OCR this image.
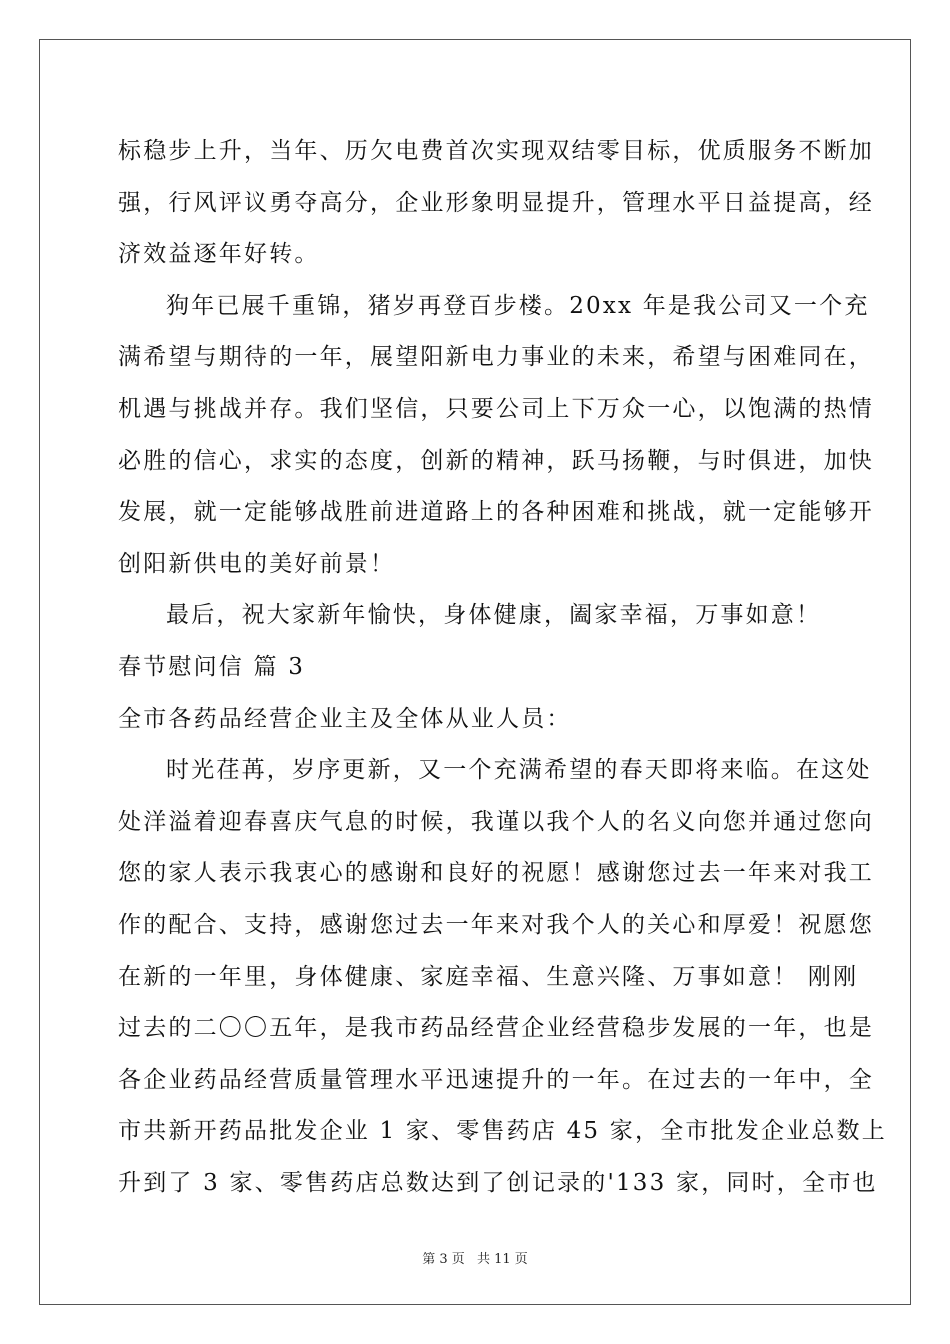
标稳步上升，当年、历欠电费首次实现双结零目标，优质服务不断加
强，行风评议勇夺高分，企业形象明显提升，管理水平日益提高，经
济效益逐年好转。
狗年已展千重锦，猪岁再登百步楼。20xx 年是我公司又一个充
满希望与期待的一年，展望阳新电力事业的未来，希望与困难同在，
机遇与挑战并存。我们坚信，只要公司上下万众一心，以饱满的热情
必胜的信心，求实的态度，创新的精神，跃马扬鞭，与时俱进，加快
发展，就一定能够战胜前进道路上的各种困难和挑战，就一定能够开
创阳新供电的美好前景！
最后，祝大家新年愉快，身体健康，阖家幸福，万事如意！
春节慰问信 篇 3
全市各药品经营企业主及全体从业人员：
时光荏苒，岁序更新，又一个充满希望的春天即将来临。在这处
处洋溢着迎春喜庆气息的时候，我谨以我个人的名义向您并通过您向
您的家人表示我衷心的感谢和良好的祝愿！感谢您过去一年来对我工
作的配合、支持，感谢您过去一年来对我个人的关心和厚爱！祝愿您
在新的一年里，身体健康、家庭幸福、生意兴隆、万事如意！ 刚刚
过去的二〇〇五年，是我市药品经营企业经营稳步发展的一年，也是
各企业药品经营质量管理水平迅速提升的一年。在过去的一年中，全
市共新开药品批发企业 1 家、零售药店 45 家，全市批发企业总数上
升到了 3 家、零售药店总数达到了创记录的'133 家，同时，全市也
第 3 页 共 11 页
